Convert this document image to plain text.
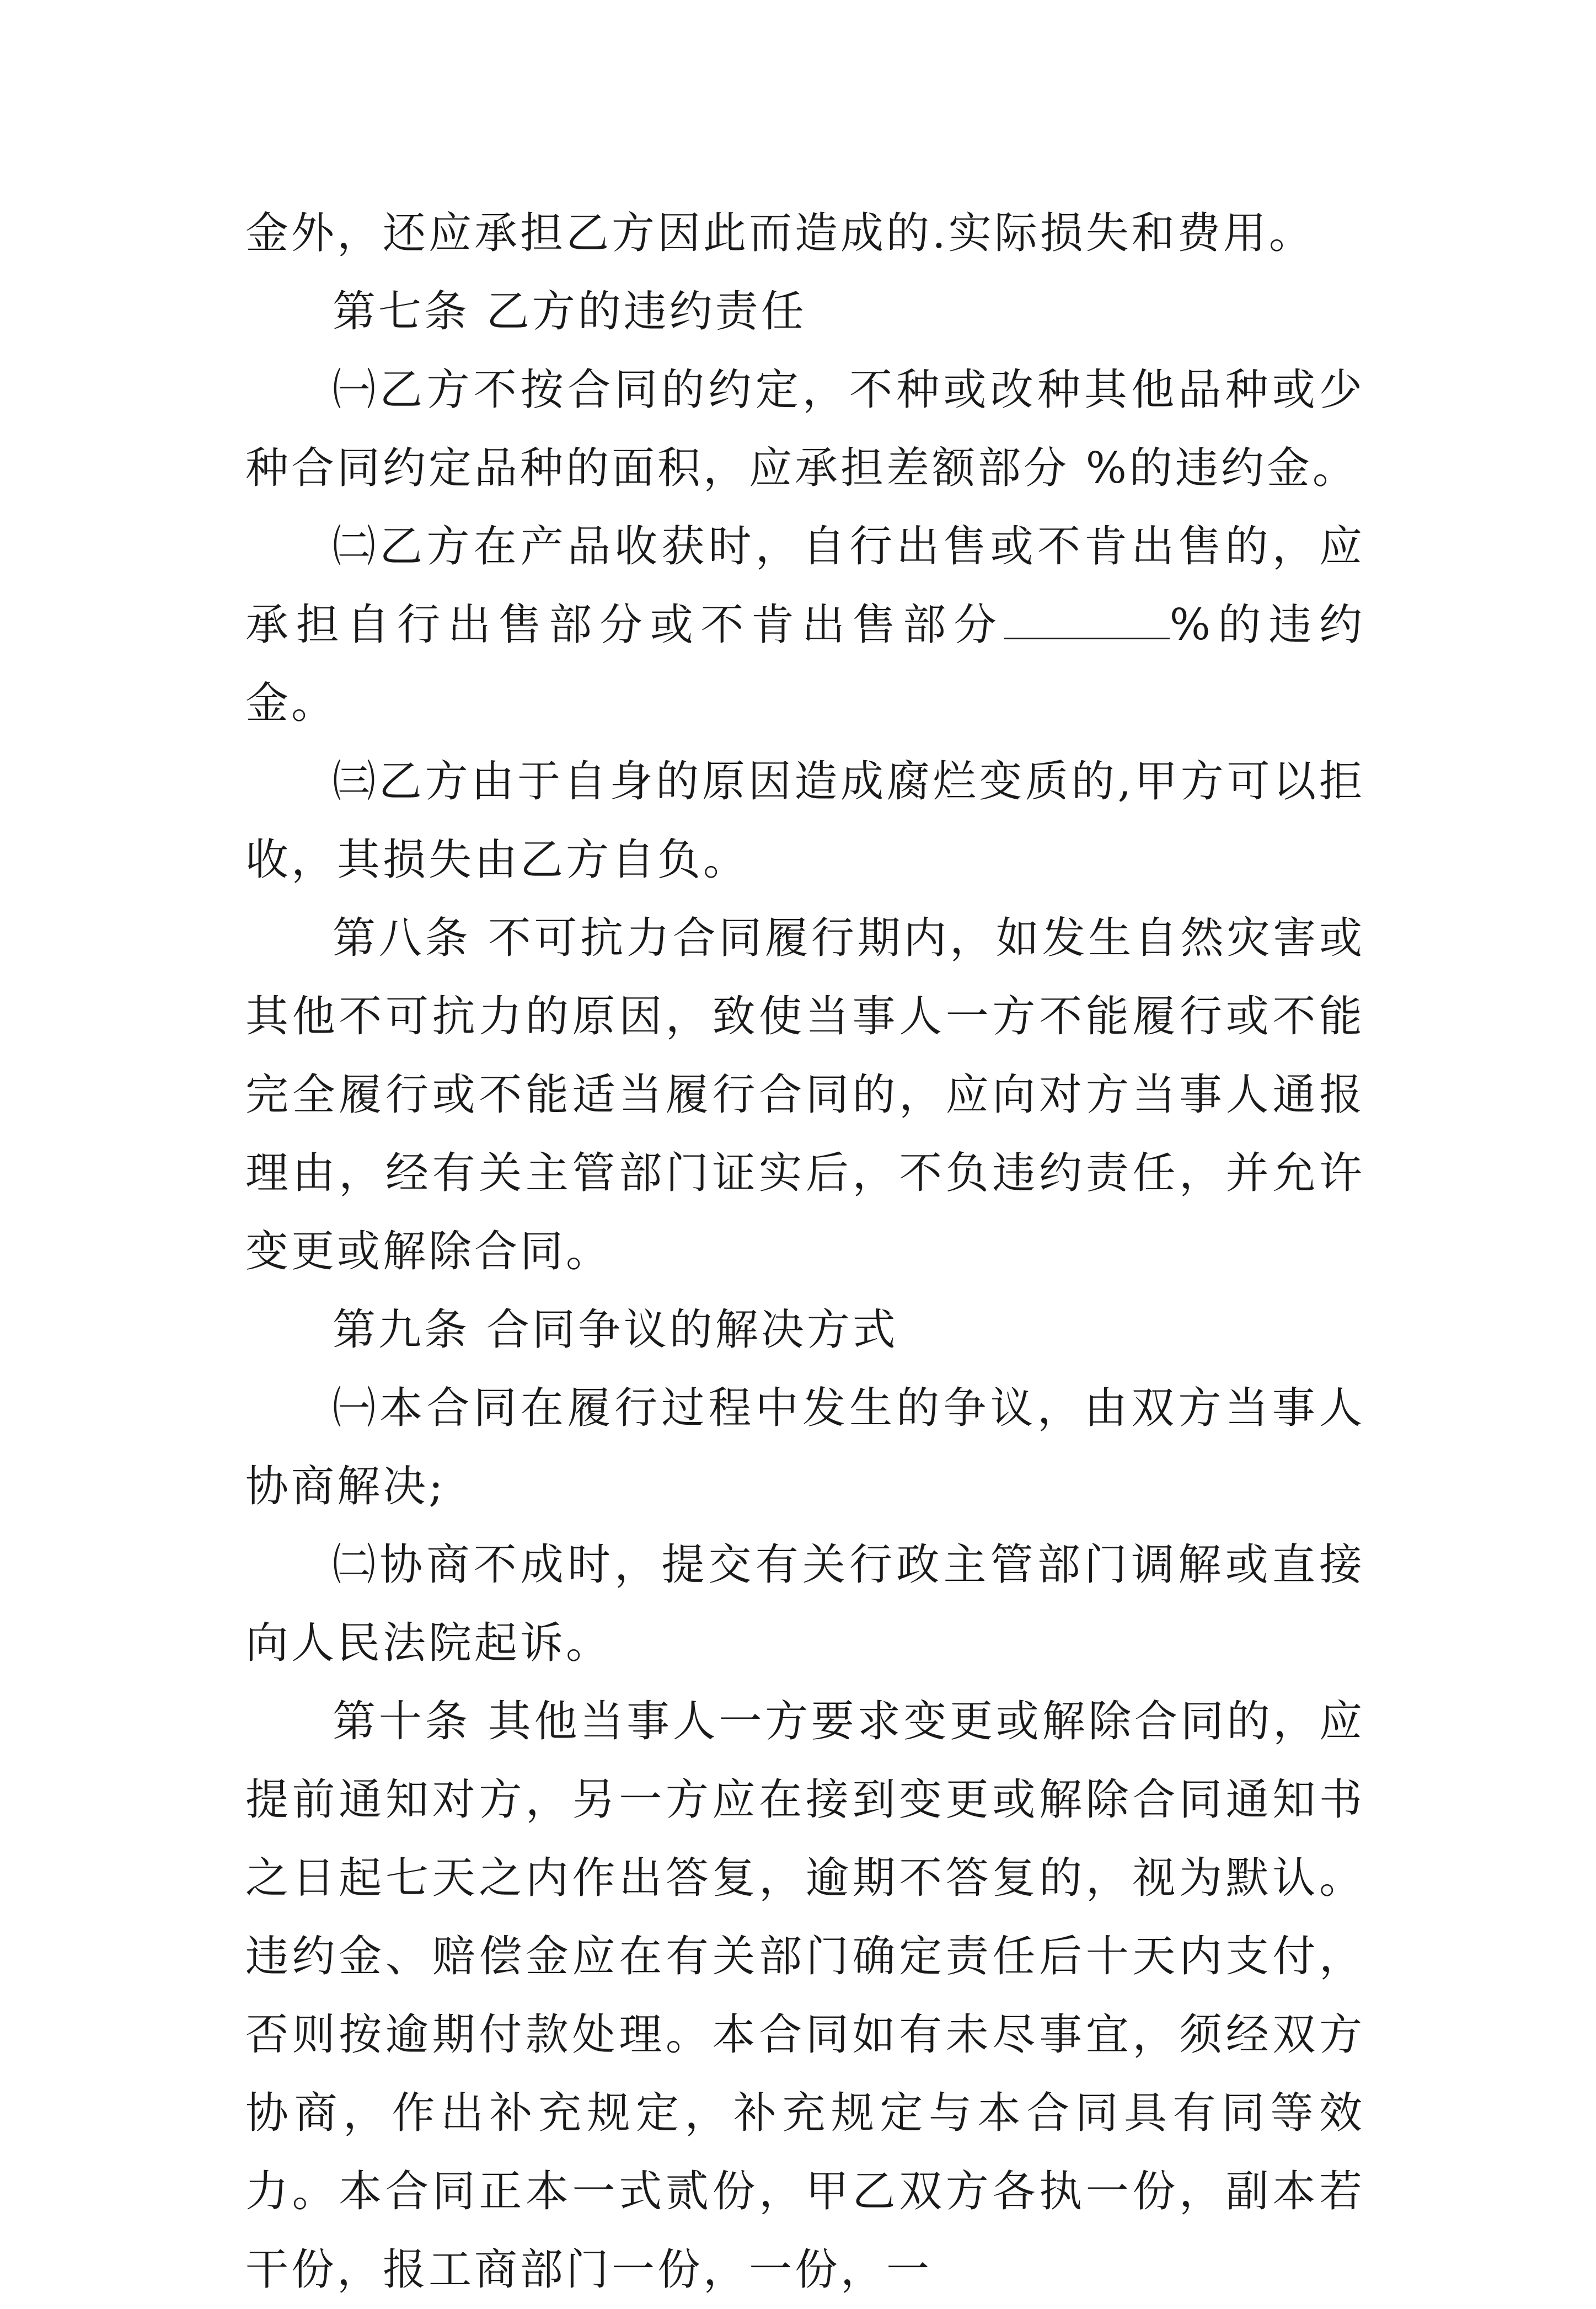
金外，还应承担乙方因此而造成的.实际损失和费用。

第七条 乙方的违约责任

㈠乙方不按合同的约定，不种或改种其他品种或少种合同约定品种的面积，应承担差额部分 %的违约金。

㈡乙方在产品收获时，自行出售或不肯出售的，应承担自行出售部分或不肯出售部分	%的违约金。

㈢乙方由于自身的原因造成腐烂变质的,甲方可以拒收，其损失由乙方自负。

第八条 不可抗力合同履行期内，如发生自然灾害或其他不可抗力的原因，致使当事人一方不能履行或不能完全履行或不能适当履行合同的，应向对方当事人通报理由，经有关主管部门证实后，不负违约责任，并允许变更或解除合同。

第九条 合同争议的解决方式

㈠本合同在履行过程中发生的争议，由双方当事人协商解决;

㈡协商不成时，提交有关行政主管部门调解或直接向人民法院起诉。

第十条 其他当事人一方要求变更或解除合同的，应提前通知对方，另一方应在接到变更或解除合同通知书之日起七天之内作出答复，逾期不答复的，视为默认。违约金、赔偿金应在有关部门确定责任后十天内支付，否则按逾期付款处理。本合同如有未尽事宜，须经双方协商，作出补充规定，补充规定与本合同具有同等效力。本合同正本一式贰份，甲乙双方各执一份，副本若干份，报工商部门一份，一份，一
